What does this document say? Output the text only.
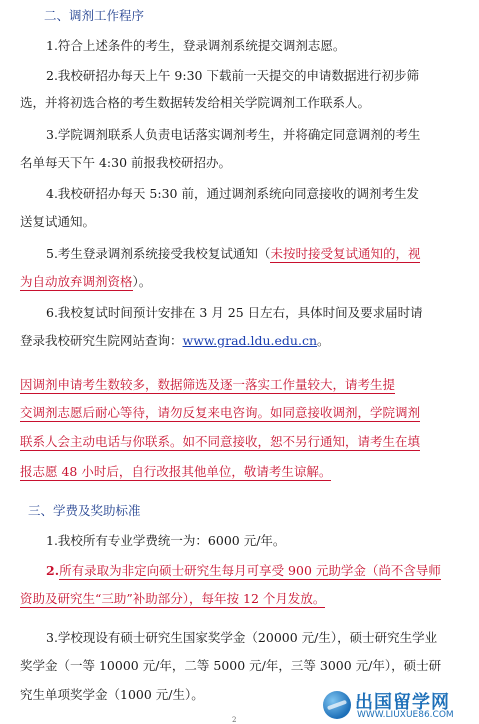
二、调剂工作程序
1.符合上述条件的考生，登录调剂系统提交调剂志愿。
2.我校研招办每天上午 9:30 下载前一天提交的申请数据进行初步筛
选，并将初选合格的考生数据转发给相关学院调剂工作联系人。
3.学院调剂联系人负责电话落实调剂考生，并将确定同意调剂的考生
名单每天下午 4:30 前报我校研招办。
4.我校研招办每天 5:30 前，通过调剂系统向同意接收的调剂考生发
送复试通知。
5.考生登录调剂系统接受我校复试通知（未按时接受复试通知的，视
为自动放弃调剂资格）。
6.我校复试时间预计安排在 3 月 25 日左右，具体时间及要求届时请
登录我校研究生院网站查询：www.grad.ldu.edu.cn。
因调剂申请考生数较多，数据筛选及逐一落实工作量较大，请考生提
交调剂志愿后耐心等待，请勿反复来电咨询。如同意接收调剂，学院调剂
联系人会主动电话与你联系。如不同意接收，恕不另行通知，请考生在填
报志愿 48 小时后，自行改报其他单位，敬请考生谅解。
三、学费及奖助标准
1.我校所有专业学费统一为：6000 元/年。
2.所有录取为非定向硕士研究生每月可享受 900 元助学金（尚不含导师
资助及研究生“三助”补助部分），每年按 12 个月发放。
3.学校现设有硕士研究生国家奖学金（20000 元/生），硕士研究生学业
奖学金（一等 10000 元/年，二等 5000 元/年，三等 3000 元/年），硕士研
究生单项奖学金（1000 元/生）。	出国留学网
WWW.LIUXUE86.COM
2
